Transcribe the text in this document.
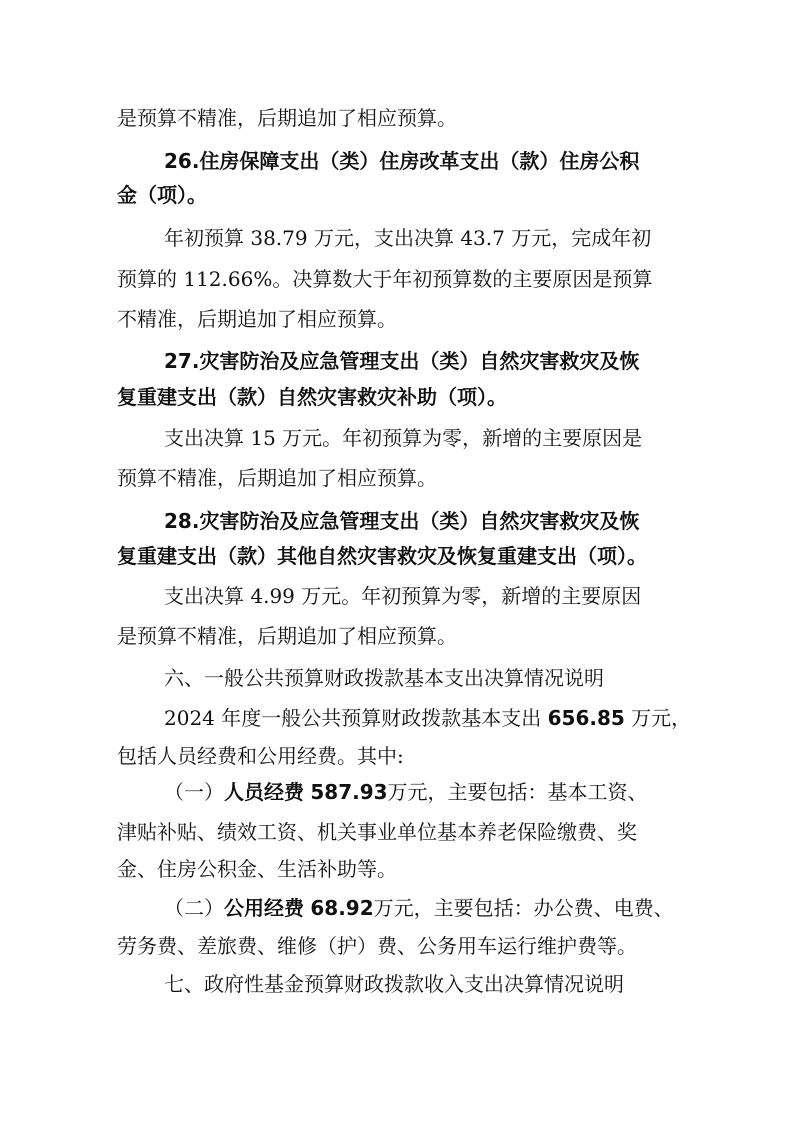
是预算不精准，后期追加了相应预算。
26.住房保障支出（类）住房改革支出（款）住房公积
金（项）。
年初预算 38.79 万元，支出决算 43.7 万元，完成年初
预算的 112.66%。决算数大于年初预算数的主要原因是预算
不精准，后期追加了相应预算。
27.灾害防治及应急管理支出（类）自然灾害救灾及恢
复重建支出（款）自然灾害救灾补助（项）。
支出决算 15 万元。年初预算为零，新增的主要原因是
预算不精准，后期追加了相应预算。
28.灾害防治及应急管理支出（类）自然灾害救灾及恢
复重建支出（款）其他自然灾害救灾及恢复重建支出（项）。
支出决算 4.99 万元。年初预算为零，新增的主要原因
是预算不精准，后期追加了相应预算。
六、一般公共预算财政拨款基本支出决算情况说明
2024 年度一般公共预算财政拨款基本支出 656.85 万元，
包括人员经费和公用经费。其中:
（一）人员经费 587.93万元，主要包括：基本工资、
津贴补贴、绩效工资、机关事业单位基本养老保险缴费、奖
金、住房公积金、生活补助等。
（二）公用经费 68.92万元，主要包括：办公费、电费、
劳务费、差旅费、维修（护）费、公务用车运行维护费等。
七、政府性基金预算财政拨款收入支出决算情况说明
